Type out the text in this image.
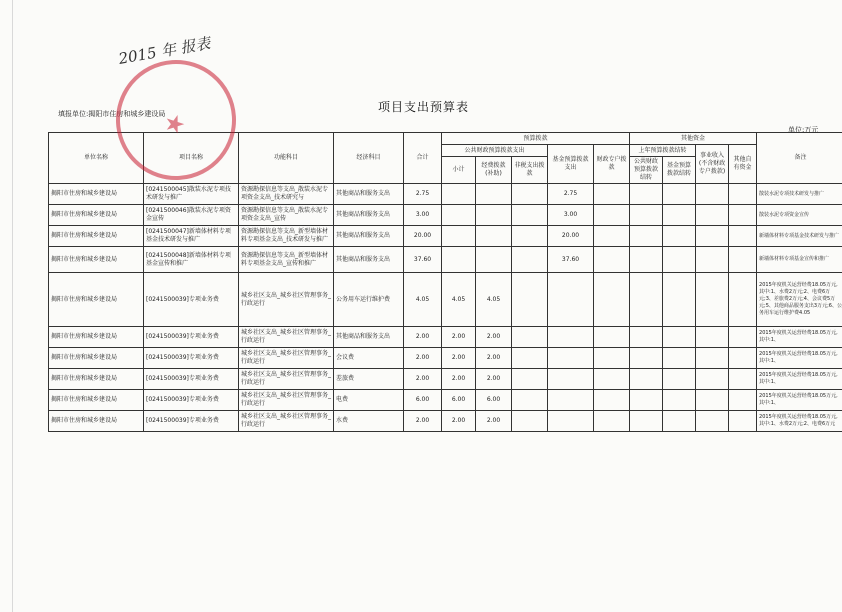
2015 年 报表
项目支出预算表
填报单位:揭阳市住房和城乡建设局
单位:万元
单位名称	项目名称	功能科目	经济科目	合计	预算拨款					其他资金				备注
					公共财政预算拨款支出			基金预算拨款支出	财政专户拨款	上年预算拨款结转		事业收入(不含财政专户拨款)	其他自有资金	
					小计	经费拨款(补助)	非税支出拨款			公共财政预算拨款结转	基金预算拨款结转			

揭阳市住房和城乡建设局	[0241500045]散装水泥专项技术研发与推广	资源勘探信息等支出_散装水泥专项资金支出_技术研究与	其他商品和服务支出	2.75				2.75						散装水泥专项技术研发与推广
揭阳市住房和城乡建设局	[0241500046]散装水泥专项资金宣传	资源勘探信息等支出_散装水泥专项资金支出_宣传	其他商品和服务支出	3.00				3.00						散装水泥专项资金宣传
揭阳市住房和城乡建设局	[0241500047]新墙体材料专项基金技术研发与推广	资源勘探信息等支出_新型墙体材料专项基金支出_技术研发与推广	其他商品和服务支出	20.00				20.00						新墙体材料专项基金技术研发与推广
揭阳市住房和城乡建设局	[0241500048]新墙体材料专项基金宣传和推广	资源勘探信息等支出_新型墙体材料专项基金支出_宣传和推广	其他商品和服务支出	37.60				37.60						新墙体材料专项基金宣传和推广
揭阳市住房和城乡建设局	[0241500039]专项业务费	城乡社区支出_城乡社区管理事务_行政运行	公务用车运行维护费	4.05	4.05	4.05								2015年度机关运营经费18.05万元,其中:1、水费2万元;2、电费6万元;3、差旅费2万元;4、会议费5万元;5、其他商品服务支出3万元;6、公务用车运行维护费4.05
揭阳市住房和城乡建设局	[0241500039]专项业务费	城乡社区支出_城乡社区管理事务_行政运行	其他商品和服务支出	2.00	2.00	2.00								2015年度机关运营经费18.05万元,其中:1、
揭阳市住房和城乡建设局	[0241500039]专项业务费	城乡社区支出_城乡社区管理事务_行政运行	会议费	2.00	2.00	2.00								2015年度机关运营经费18.05万元,其中:1、
揭阳市住房和城乡建设局	[0241500039]专项业务费	城乡社区支出_城乡社区管理事务_行政运行	差旅费	2.00	2.00	2.00								2015年度机关运营经费18.05万元,其中:1、
揭阳市住房和城乡建设局	[0241500039]专项业务费	城乡社区支出_城乡社区管理事务_行政运行	电费	6.00	6.00	6.00								2015年度机关运营经费18.05万元,其中:1、
揭阳市住房和城乡建设局	[0241500039]专项业务费	城乡社区支出_城乡社区管理事务_行政运行	水费	2.00	2.00	2.00								2015年度机关运营经费18.05万元,其中:1、水费2万元;2、电费6万元
★
